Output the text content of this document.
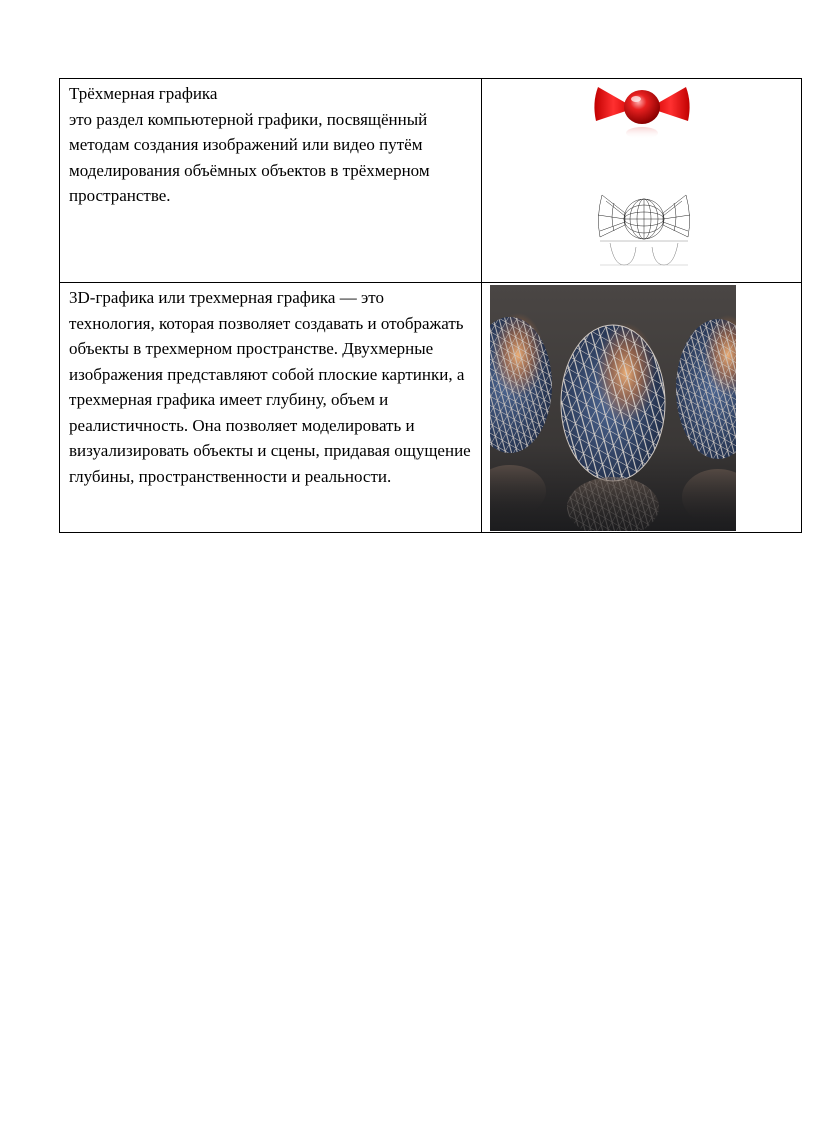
Трёхмерная графика

это раздел компьютерной графики, посвящённый методам создания изображений или видео путём моделирования объёмных объектов в трёхмерном пространстве.

3D-графика или трехмерная графика — это технология, которая позволяет создавать и отображать объекты в трехмерном пространстве. Двухмерные изображения представляют собой плоские картинки, а трехмерная графика имеет глубину, объем и реалистичность. Она позволяет моделировать и визуализировать объекты и сцены, придавая ощущение глубины, пространственности и реальности.
